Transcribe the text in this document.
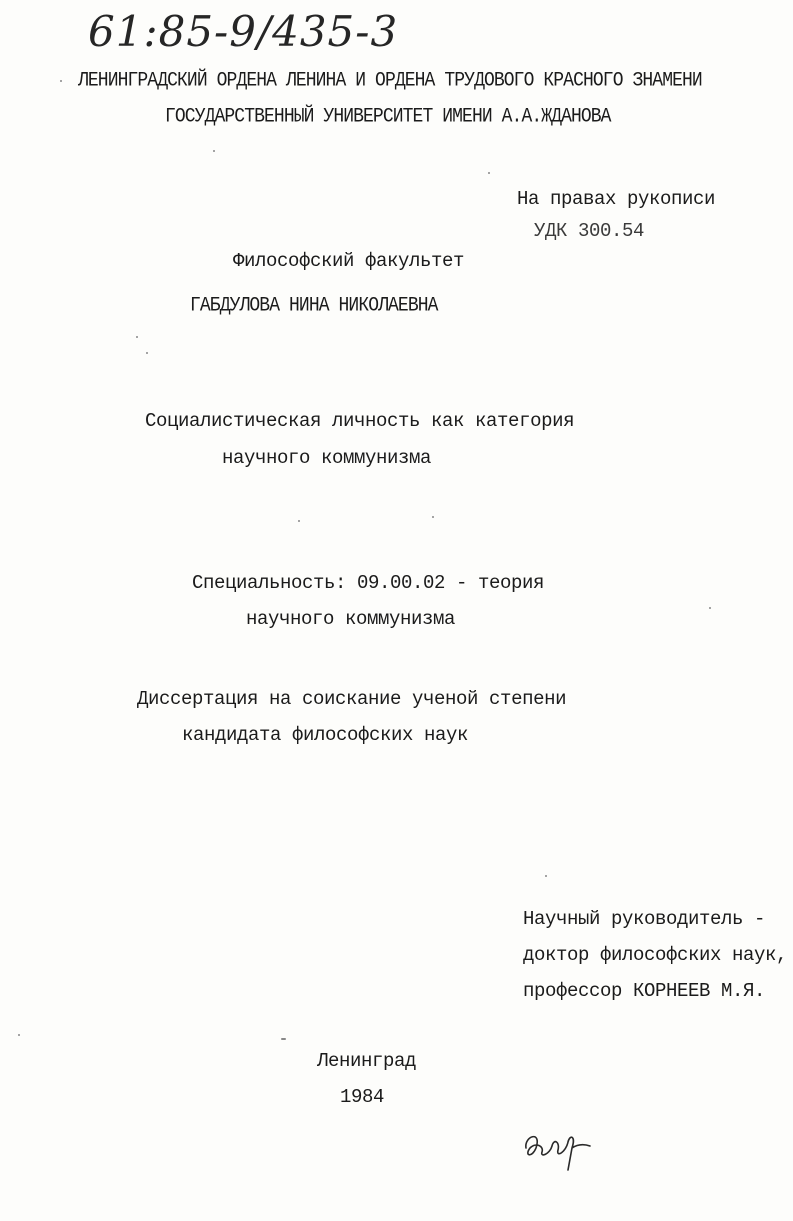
61:85-9/435-3
ЛЕНИНГРАДСКИЙ ОРДЕНА ЛЕНИНА И ОРДЕНА ТРУДОВОГО КРАСНОГО ЗНАМЕНИ
ГОСУДАРСТВЕННЫЙ УНИВЕРСИТЕТ ИМЕНИ А.А.ЖДАНОВА
На правах рукописи
УДК 300.54
Философский факультет
ГАБДУЛОВА НИНА НИКОЛАЕВНА
Социалистическая личность как категория
научного коммунизма
Специальность: 09.00.02 - теория
научного коммунизма
Диссертация на соискание ученой степени
кандидата философских наук
Научный руководитель -
доктор философских наук,
профессор КОРНЕЕВ М.Я.
Ленинград
1984
